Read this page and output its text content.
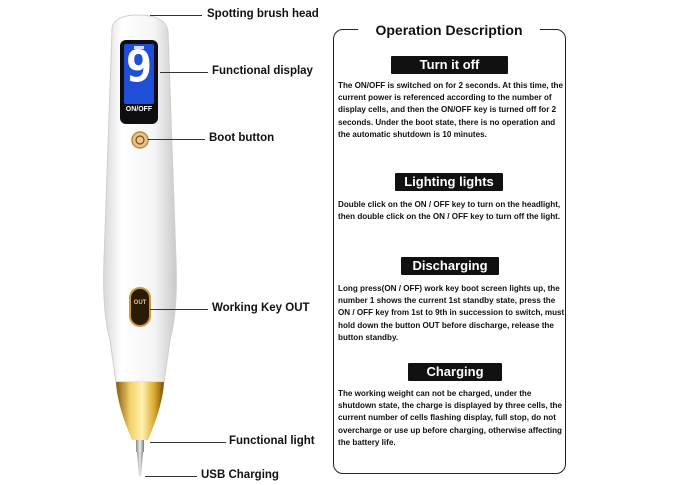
9
ON/OFF
OUT
Spotting brush head
Functional display
Boot button
Working Key OUT
Functional light
USB Charging
Operation Description
Turn it off
The ON/OFF is switched on for 2 seconds. At this time, the current power is referenced according to the number of display cells, and then the ON/OFF key is turned off for 2 seconds. Under the boot state, there is no operation and the automatic shutdown is 10 minutes.
Lighting lights
Double click on the ON / OFF key to turn on the headlight, then double click on the ON / OFF key to turn off the light.
Discharging
Long press(ON / OFF) work key boot screen lights up, the number 1 shows the current 1st standby state, press the ON / OFF key from 1st to 9th in succession to switch, must hold down the button OUT before discharge, release the button standby.
Charging
The working weight can not be charged, under the shutdown state, the charge is displayed by three cells, the current number of cells flashing display, full stop, do not overcharge or use up before charging, otherwise affecting the battery life.
